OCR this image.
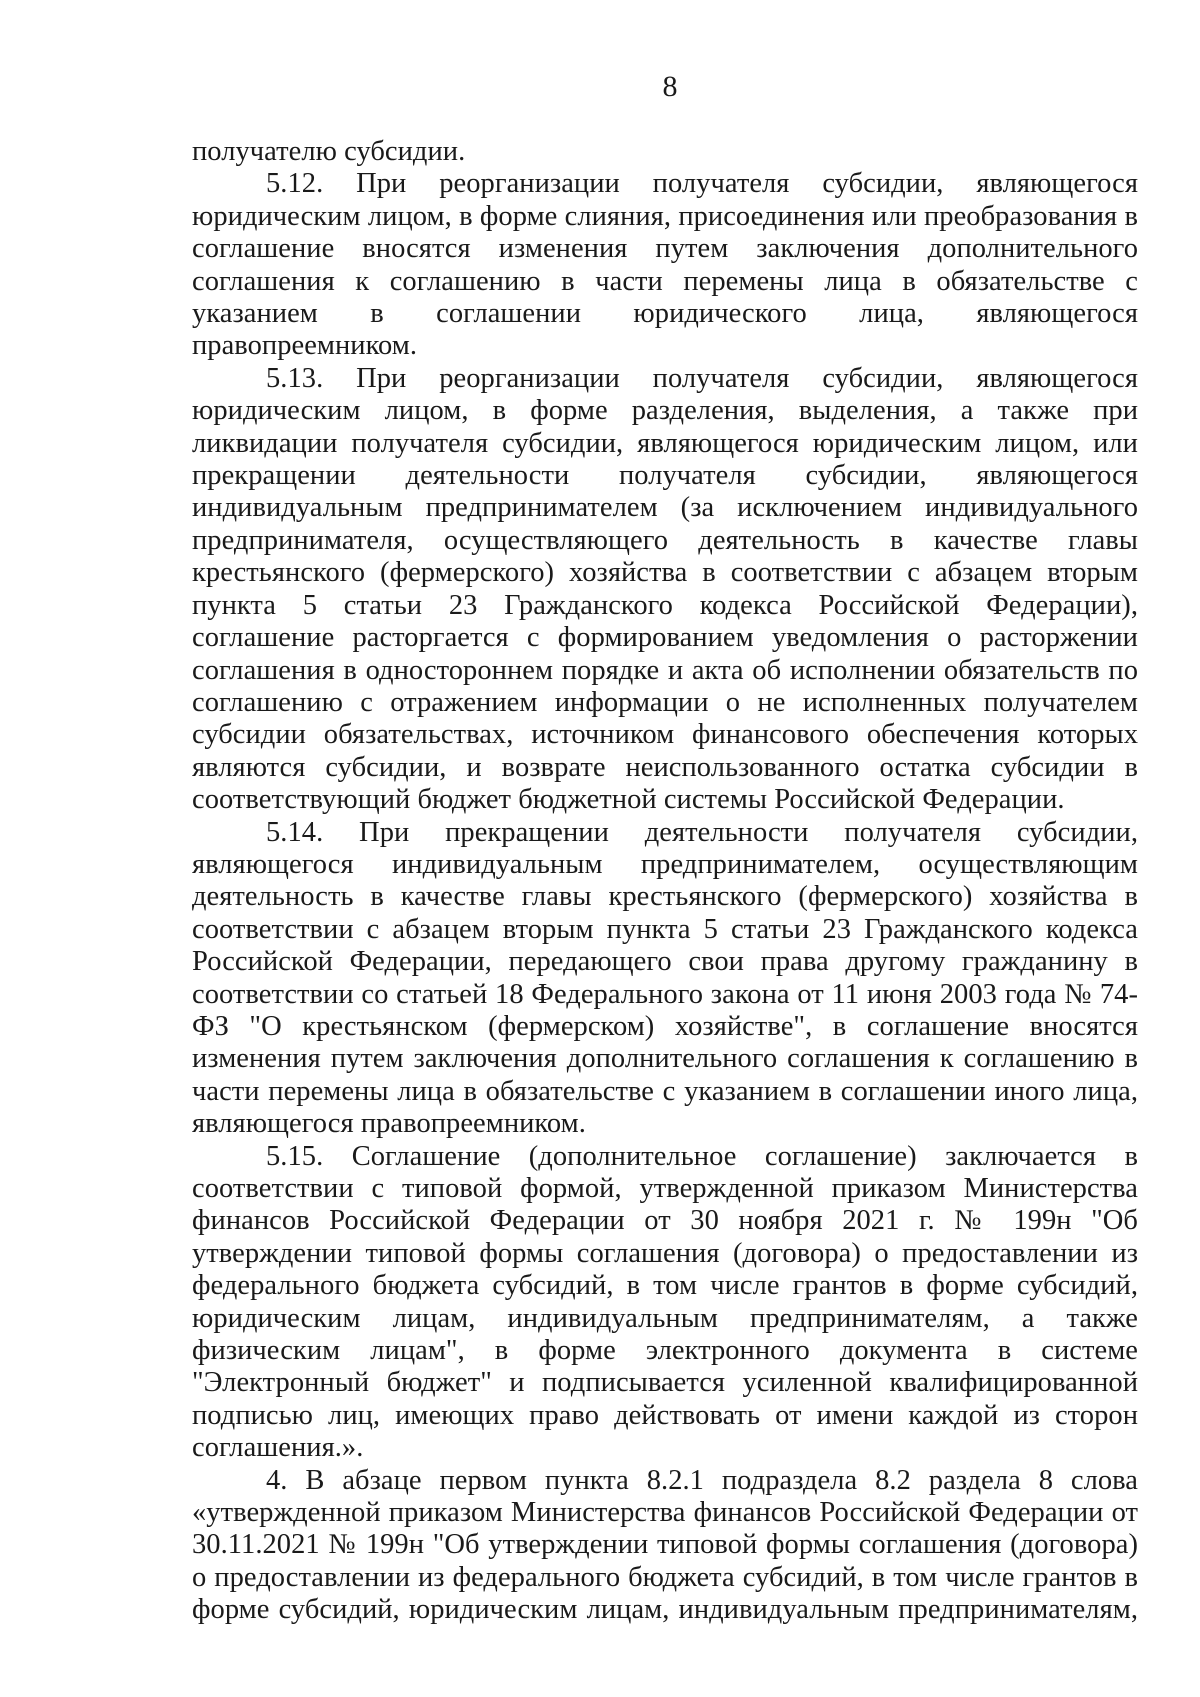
8

получателю субсидии.

5.12. При реорганизации получателя субсидии, являющегося юридическим лицом, в форме слияния, присоединения или преобразования в соглашение вносятся изменения путем заключения дополнительного соглашения к соглашению в части перемены лица в обязательстве с указанием в соглашении юридического лица, являющегося правопреемником.

5.13. При реорганизации получателя субсидии, являющегося юридическим лицом, в форме разделения, выделения, а также при ликвидации получателя субсидии, являющегося юридическим лицом, или прекращении деятельности получателя субсидии, являющегося индивидуальным предпринимателем (за исключением индивидуального предпринимателя, осуществляющего деятельность в качестве главы крестьянского (фермерского) хозяйства в соответствии с абзацем вторым пункта 5 статьи 23 Гражданского кодекса Российской Федерации), соглашение расторгается с формированием уведомления о расторжении соглашения в одностороннем порядке и акта об исполнении обязательств по соглашению с отражением информации о не исполненных получателем субсидии обязательствах, источником финансового обеспечения которых являются субсидии, и возврате неиспользованного остатка субсидии в соответствующий бюджет бюджетной системы Российской Федерации.

5.14. При прекращении деятельности получателя субсидии, являющегося индивидуальным предпринимателем, осуществляющим деятельность в качестве главы крестьянского (фермерского) хозяйства в соответствии с абзацем вторым пункта 5 статьи 23 Гражданского кодекса Российской Федерации, передающего свои права другому гражданину в соответствии со статьей 18 Федерального закона от 11 июня 2003 года № 74-ФЗ "О крестьянском (фермерском) хозяйстве", в соглашение вносятся изменения путем заключения дополнительного соглашения к соглашению в части перемены лица в обязательстве с указанием в соглашении иного лица, являющегося правопреемником.

5.15. Соглашение (дополнительное соглашение) заключается в соответствии с типовой формой, утвержденной приказом Министерства финансов Российской Федерации от 30 ноября 2021 г. № 199н "Об утверждении типовой формы соглашения (договора) о предоставлении из федерального бюджета субсидий, в том числе грантов в форме субсидий, юридическим лицам, индивидуальным предпринимателям, а также физическим лицам", в форме электронного документа в системе "Электронный бюджет" и подписывается усиленной квалифицированной подписью лиц, имеющих право действовать от имени каждой из сторон соглашения.».

4. В абзаце первом пункта 8.2.1 подраздела 8.2 раздела 8 слова «утвержденной приказом Министерства финансов Российской Федерации от 30.11.2021 № 199н "Об утверждении типовой формы соглашения (договора) о предоставлении из федерального бюджета субсидий, в том числе грантов в форме субсидий, юридическим лицам, индивидуальным предпринимателям,
